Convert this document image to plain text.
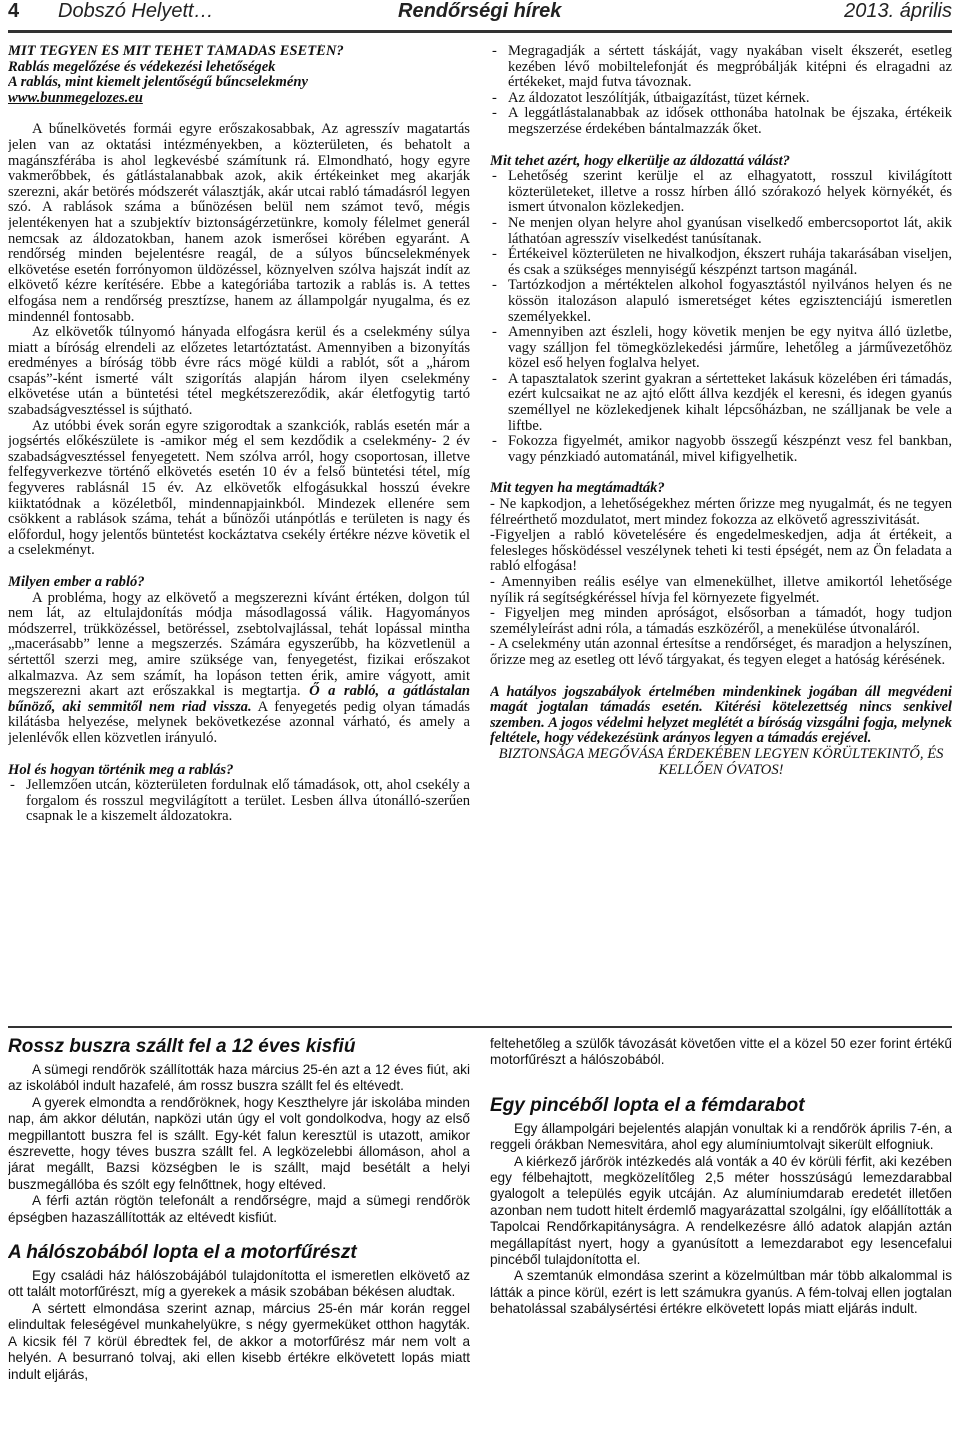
4 Dobszó Helyett…	Rendőrségi hírek	2013. április

MIT TEGYEN ÉS MIT TEHET TÁMADÁS ESETÉN?

Rablás megelőzése és védekezési lehetőségek

A rablás, mint kiemelt jelentőségű bűncselekmény

www.bunmegelozes.eu

A bűnelkövetés formái egyre erőszakosabbak, Az agresszív magatartás jelen van az oktatási intézményekben, a közterületen, és behatolt a magánszférába is ahol legkevésbé számítunk rá. Elmondható, hogy egyre vakmerőbbek, és gátlástalanabbak azok, akik értékeinket meg akarják szerezni, akár betörés módszerét választják, akár utcai rabló támadásról legyen szó. A rablások száma a bűnözésen belül nem számot tevő, mégis jelentékenyen hat a szubjektív biztonságérzetünkre, komoly félelmet generál nemcsak az áldozatokban, hanem azok ismerősei körében egyaránt. A rendőrség minden bejelentésre reagál, de a súlyos bűncselekmények elkövetése esetén forrónyomon üldözéssel, köznyelven szólva hajszát indít az elkövető kézre kerítésére. Ebbe a kategóriába tartozik a rablás is. A tettes elfogása nem a rendőrség presztízse, hanem az állampolgár nyugalma, és ez mindennél fontosabb.

Az elkövetők túlnyomó hányada elfogásra kerül és a cselekmény súlya miatt a bíróság elrendeli az előzetes letartóztatást. Amennyiben a bizonyítás eredményes a bíróság több évre rács mögé küldi a rablót, sőt a „három csapás”-ként ismerté vált szigorítás alapján három ilyen cselekmény elkövetése után a büntetési tétel megkétszereződik, akár életfogytig tartó szabadságvesztéssel is sújtható.

Az utóbbi évek során egyre szigorodtak a szankciók, rablás esetén már a jogsértés előkészülete is -amikor még el sem kezdődik a cselekmény- 2 év szabadságvesztéssel fenyegetett. Nem szólva arról, hogy csoportosan, illetve felfegyverkezve történő elkövetés esetén 10 év a felső büntetési tétel, míg fegyveres rablásnál 15 év. Az elkövetők elfogásukkal hosszú évekre kiiktatódnak a közéletből, mindennapjainkból. Mindezek ellenére sem csökkent a rablások száma, tehát a bűnözői utánpótlás e területen is nagy és előfordul, hogy jelentős büntetést kockáztatva csekély értékre nézve követik el a cselekményt.

Milyen ember a rabló?

A probléma, hogy az elkövető a megszerezni kívánt értéken, dolgon túl nem lát, az eltulajdonítás módja másodlagossá válik. Hagyományos módszerrel, trükközéssel, betöréssel, zsebtolvajlással, tehát lopással mintha „macerásabb” lenne a megszerzés. Számára egyszerűbb, ha közvetlenül a sértettől szerzi meg, amire szüksége van, fenyegetést, fizikai erőszakot alkalmazva. Az sem számít, ha lopáson tetten érik, amire vágyott, amit megszerezni akart azt erőszakkal is megtartja. Ő a rabló, a gátlástalan bűnöző, aki semmitől nem riad vissza. A fenyegetés pedig olyan támadás kilátásba helyezése, melynek bekövetkezése azonnal várható, és amely a jelenlévők ellen közvetlen irányuló.

Hol és hogyan történik meg a rablás?

- Jellemzően utcán, közterületen fordulnak elő támadások, ott, ahol csekély a forgalom és rosszul megvilágított a terület. Lesben állva útonálló-szerűen csapnak le a kiszemelt áldozatokra.
- Megragadják a sértett táskáját, vagy nyakában viselt ékszerét, esetleg kezében lévő mobiltelefonját és megpróbálják kitépni és elragadni az értékeket, majd futva távoznak.
- Az áldozatot leszólítják, útbaigazítást, tüzet kérnek.
- A leggátlástalanabbak az idősek otthonába hatolnak be éjszaka, értékeik megszerzése érdekében bántalmazzák őket.

Mit tehet azért, hogy elkerülje az áldozattá válást?

- Lehetőség szerint kerülje el az elhagyatott, rosszul kivilágított közterületeket, illetve a rossz hírben álló szórakozó helyek környékét, és ismert útvonalon közlekedjen.
- Ne menjen olyan helyre ahol gyanúsan viselkedő embercsoportot lát, akik láthatóan agresszív viselkedést tanúsítanak.
- Értékeivel közterületen ne hivalkodjon, ékszert ruhája takarásában viseljen, és csak a szükséges mennyiségű készpénzt tartson magánál.
- Tartózkodjon a mértéktelen alkohol fogyasztástól nyilvános helyen és ne kössön italozáson alapuló ismeretséget kétes egzisztenciájú ismeretlen személyekkel.
- Amennyiben azt észleli, hogy követik menjen be egy nyitva álló üzletbe, vagy szálljon fel tömegközlekedési járműre, lehetőleg a járművezetőhöz közel eső helyen foglalva helyet.
- A tapasztalatok szerint gyakran a sértetteket lakásuk közelében éri támadás, ezért kulcsaikat ne az ajtó előtt állva kezdjék el keresni, és idegen gyanús személlyel ne közlekedjenek kihalt lépcsőházban, ne szálljanak be vele a liftbe.
- Fokozza figyelmét, amikor nagyobb összegű készpénzt vesz fel bankban, vagy pénzkiadó automatánál, mivel kifigyelhetik.

Mit tegyen ha megtámadták?

- Ne kapkodjon, a lehetőségekhez mérten őrizze meg nyugalmát, és ne tegyen félreérthető mozdulatot, mert mindez fokozza az elkövető agresszivitását.

-Figyeljen a rabló követelésére és engedelmeskedjen, adja át értékeit, a felesleges hősködéssel veszélynek teheti ki testi épségét, nem az Ön feladata a rabló elfogása!

- Amennyiben reális esélye van elmenekülhet, illetve amikortól lehetősége nyílik rá segítségkéréssel hívja fel környezete figyelmét.

- Figyeljen meg minden apróságot, elsősorban a támadót, hogy tudjon személyleírást adni róla, a támadás eszközéről, a menekülése útvonaláról.

- A cselekmény után azonnal értesítse a rendőrséget, és maradjon a helyszínen, őrizze meg az esetleg ott lévő tárgyakat, és tegyen eleget a hatóság kérésének.

A hatályos jogszabályok értelmében mindenkinek jogában áll megvédeni magát jogtalan támadás esetén. Kitérési kötelezettség nincs senkivel szemben. A jogos védelmi helyzet meglétét a bíróság vizsgálni fogja, melynek feltétele, hogy védekezésünk arányos legyen a támadás erejével.

BIZTONSÁGA MEGŐVÁSA ÉRDEKÉBEN LEGYEN KÖRÜLTEKINTŐ, ÉS KELLŐEN ÓVATOS!

Rossz buszra szállt fel a 12 éves kisfiú

A sümegi rendőrök szállították haza március 25-én azt a 12 éves fiút, aki az iskolából indult hazafelé, ám rossz buszra szállt fel és eltévedt.

A gyerek elmondta a rendőröknek, hogy Keszthelyre jár iskolába minden nap, ám akkor délután, napközi után úgy el volt gondolkodva, hogy az első megpillantott buszra fel is szállt. Egy-két falun keresztül is utazott, amikor észrevette, hogy téves buszra szállt fel. A legközelebbi állomáson, ahol a járat megállt, Bazsi községben le is szállt, majd besétált a helyi buszmegállóba és szólt egy felnőttnek, hogy eltéved.

A férfi aztán rögtön telefonált a rendőrségre, majd a sümegi rendőrök épségben hazaszállították az eltévedt kisfiút.

A hálószobából lopta el a motorfűrészt

Egy családi ház hálószobájából tulajdonítottа el ismeretlen elkövető az ott talált motorfűrészt, míg a gyerekek a másik szobában békésen aludtak.

A sértett elmondása szerint aznap, március 25-én már korán reggel elindultak feleségével munkahelyükre, s négy gyermeküket otthon hagyták. A kicsik fél 7 körül ébredtek fel, de akkor a motorfűrész már nem volt a helyén. A besurranó tolvaj, aki ellen kisebb értékre elkövetett lopás miatt indult eljárás,

feltehetőleg a szülők távozását követően vitte el a közel 50 ezer forint értékű motorfűrészt a hálószobából.

Egy pincéből lopta el a fémdarabot

Egy állampolgári bejelentés alapján vonultak ki a rendőrök április 7-én, a reggeli órákban Nemesvitára, ahol egy alumíniumtolvajt sikerült elfogniuk.

A kiérkező járőrök intézkedés alá vonták a 40 év körüli férfit, aki kezében egy félbehajtott, megközelítőleg 2,5 méter hosszúságú lemezdarabbal gyalogolt a település egyik utcáján. Az alumíniumdarab eredetét illetően azonban nem tudott hitelt érdemlő magyarázattal szolgálni, így előállították a Tapolcai Rendőrkapitányságra. A rendelkezésre álló adatok alapján aztán megállapítást nyert, hogy a gyanúsított a lemezdarabot egy lesencefalui pincéből tulajdonította el.

A szemtanúk elmondása szerint a közelmúltban már több alkalommal is látták a pince körül, ezért is lett számukra gyanús. A fém-tolvaj ellen jogtalan behatolással szabálysértési értékre elkövetett lopás miatt eljárás indult.
